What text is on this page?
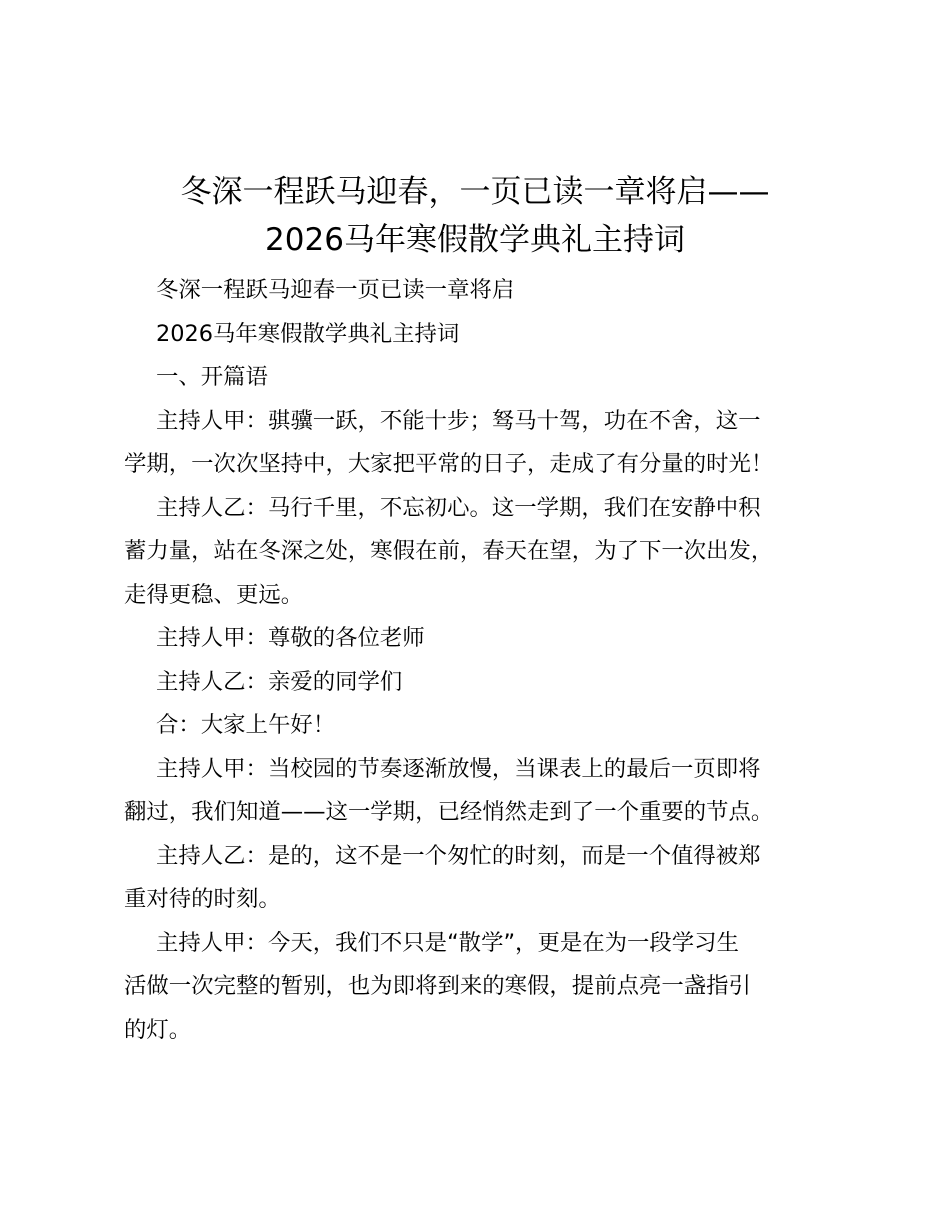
冬深一程跃马迎春，一页已读一章将启——
2026马年寒假散学典礼主持词
冬深一程跃马迎春一页已读一章将启
2026马年寒假散学典礼主持词
一、开篇语
主持人甲：骐骥一跃，不能十步；驽马十驾，功在不舍，这一
学期，一次次坚持中，大家把平常的日子，走成了有分量的时光！
主持人乙：马行千里，不忘初心。这一学期，我们在安静中积
蓄力量，站在冬深之处，寒假在前，春天在望，为了下一次出发，
走得更稳、更远。
主持人甲：尊敬的各位老师
主持人乙：亲爱的同学们
合：大家上午好！
主持人甲：当校园的节奏逐渐放慢，当课表上的最后一页即将
翻过，我们知道——这一学期，已经悄然走到了一个重要的节点。
主持人乙：是的，这不是一个匆忙的时刻，而是一个值得被郑
重对待的时刻。
主持人甲：今天，我们不只是“散学”，更是在为一段学习生
活做一次完整的暂别，也为即将到来的寒假，提前点亮一盏指引
的灯。
